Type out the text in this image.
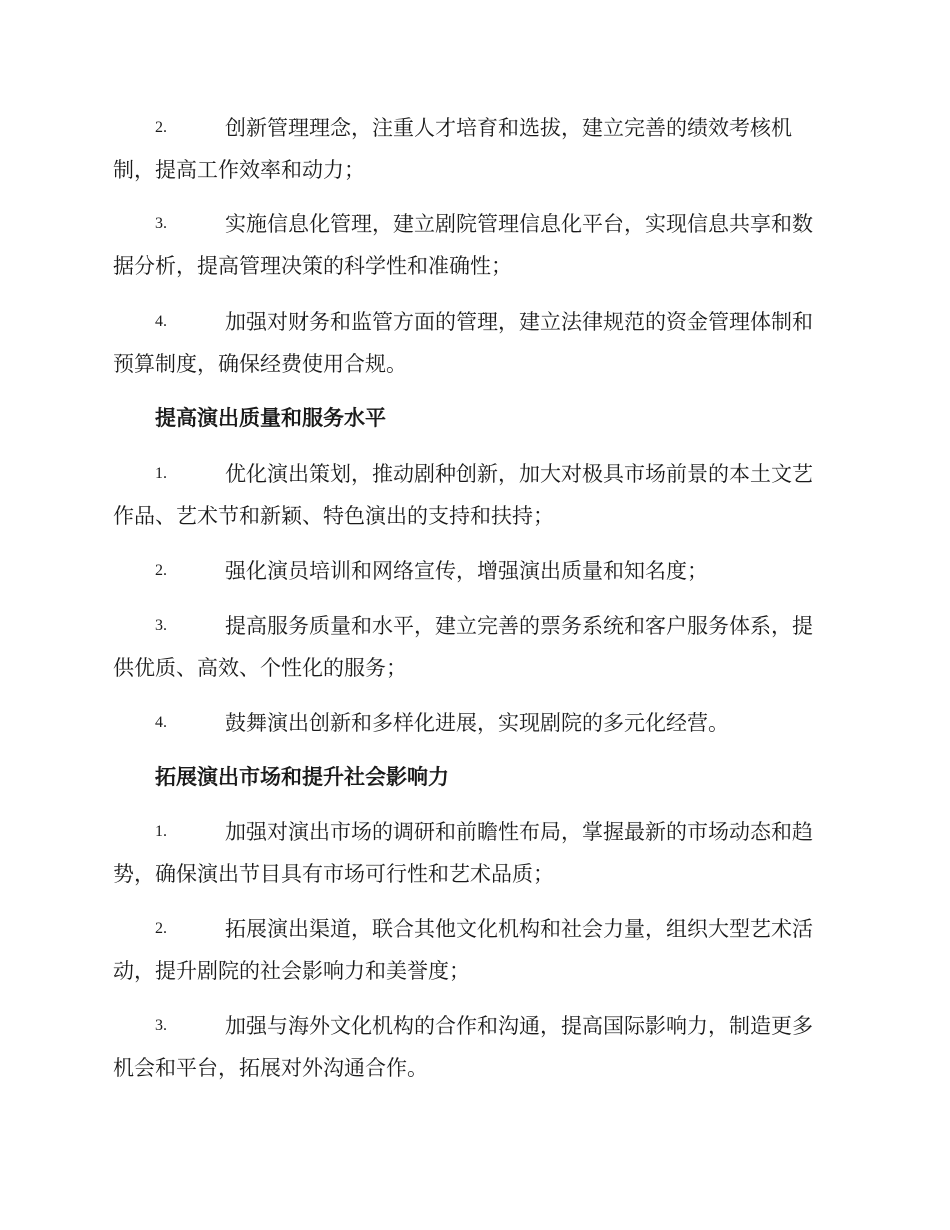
2.	创新管理理念，注重人才培育和选拔，建立完善的绩效考核机
制，提高工作效率和动力；
3.	实施信息化管理，建立剧院管理信息化平台，实现信息共享和数
据分析，提高管理决策的科学性和准确性；
4.	加强对财务和监管方面的管理，建立法律规范的资金管理体制和
预算制度，确保经费使用合规。
提高演出质量和服务水平
1.	优化演出策划，推动剧种创新，加大对极具市场前景的本土文艺
作品、艺术节和新颖、特色演出的支持和扶持；
2.	强化演员培训和网络宣传，增强演出质量和知名度；
3.	提高服务质量和水平，建立完善的票务系统和客户服务体系，提
供优质、高效、个性化的服务；
4.	鼓舞演出创新和多样化进展，实现剧院的多元化经营。
拓展演出市场和提升社会影响力
1.	加强对演出市场的调研和前瞻性布局，掌握最新的市场动态和趋
势，确保演出节目具有市场可行性和艺术品质；
2.	拓展演出渠道，联合其他文化机构和社会力量，组织大型艺术活
动，提升剧院的社会影响力和美誉度；
3.	加强与海外文化机构的合作和沟通，提高国际影响力，制造更多
机会和平台，拓展对外沟通合作。
